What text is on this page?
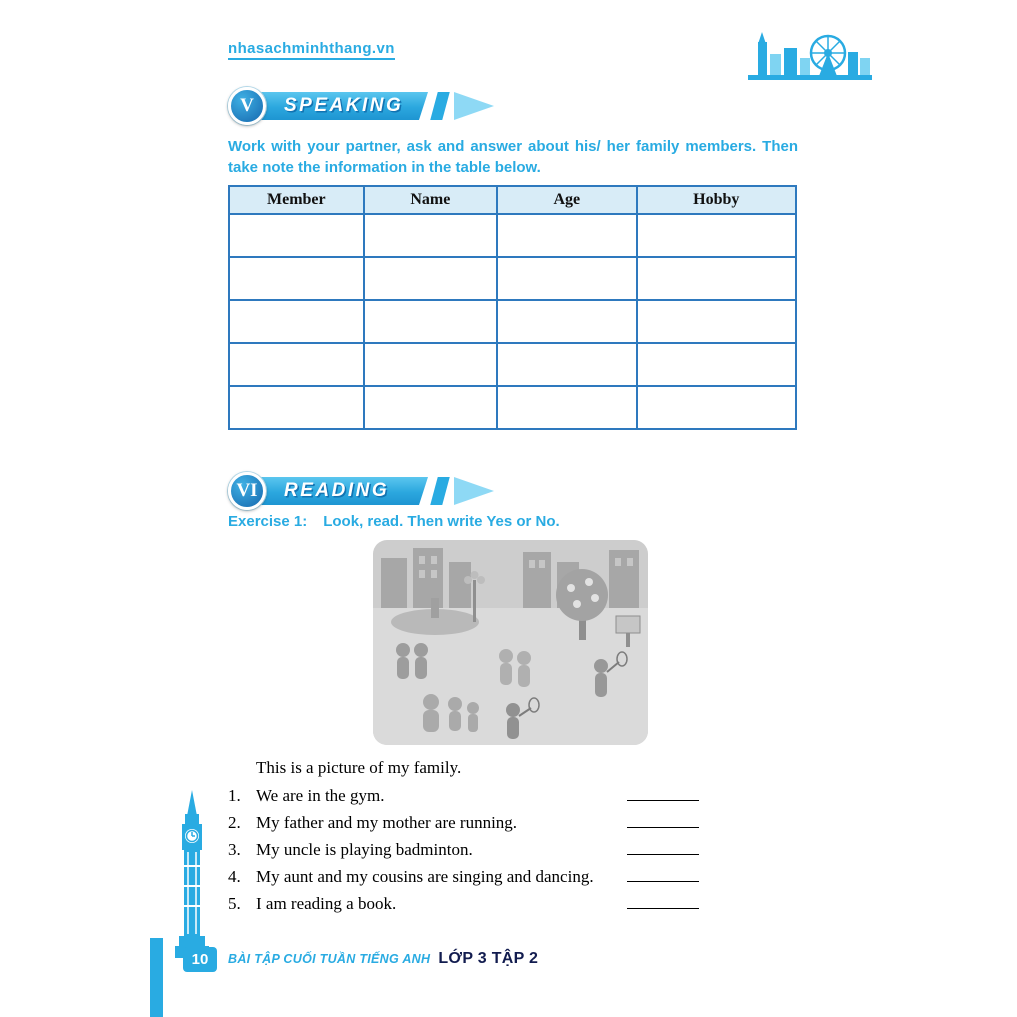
nhasachminhthang.vn
V SPEAKING
Work with your partner, ask and answer about his/ her family members. Then take note the information in the table below.
Member	Name	Age	Hobby

VI READING
Exercise 1: Look, read. Then write Yes or No.
This is a picture of my family.
1. We are in the gym.
2. My father and my mother are running.
3. My uncle is playing badminton.
4. My aunt and my cousins are singing and dancing.
5. I am reading a book.
10 BÀI TẬP CUỐI TUẦN TIẾNG ANH LỚP 3 TẬP 2
